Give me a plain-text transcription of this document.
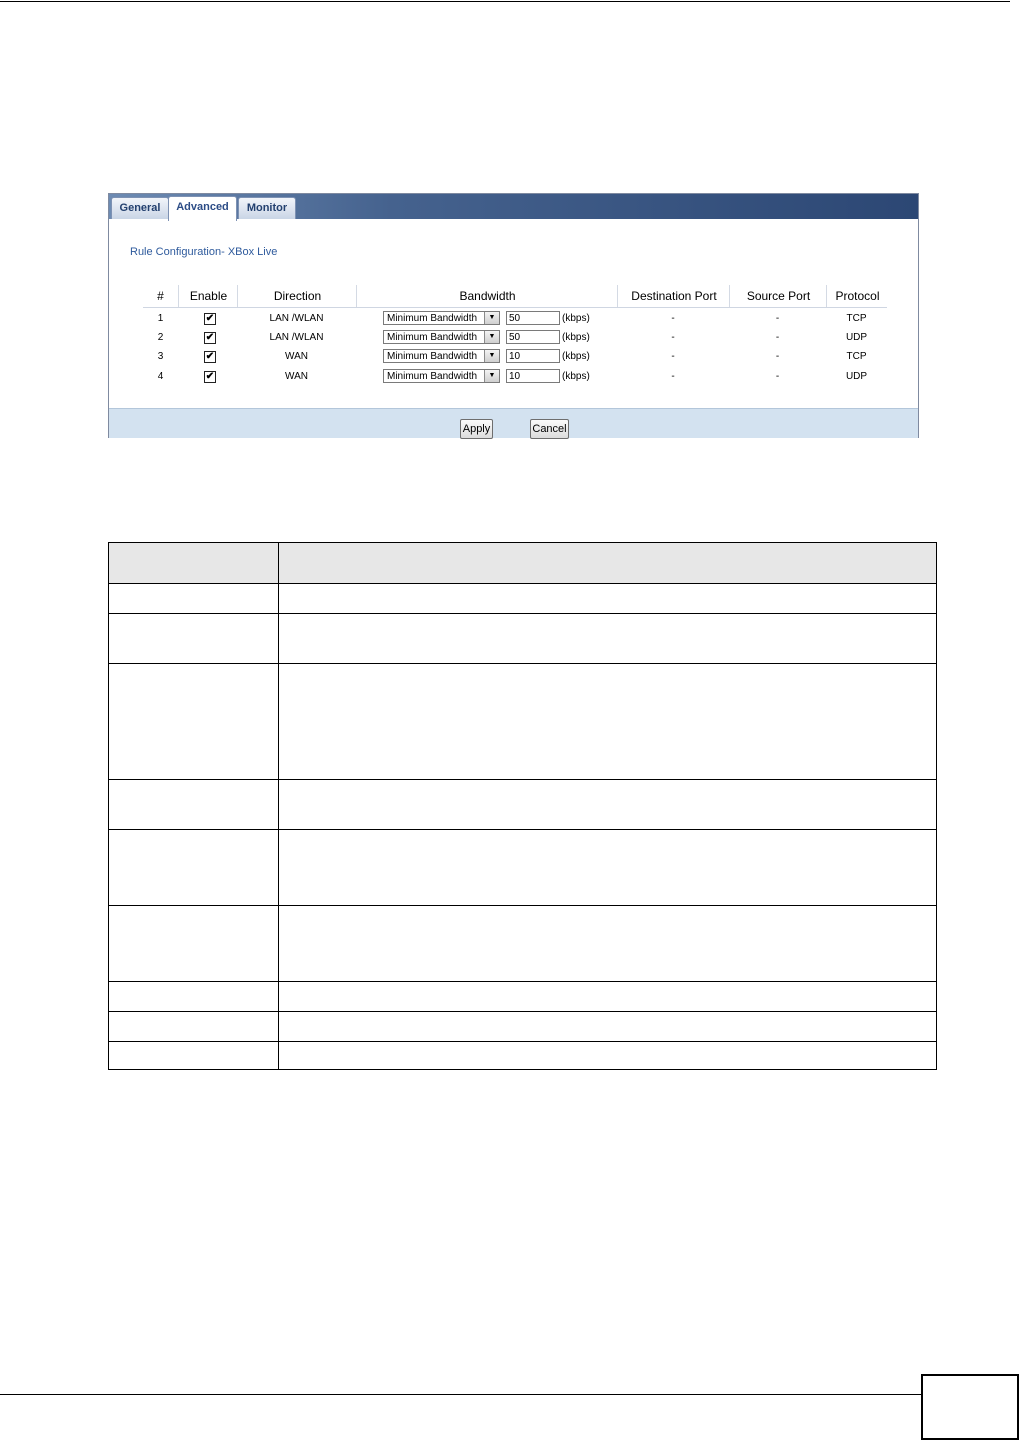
General	Advanced	Monitor
Rule Configuration- XBox Live
#	Enable	Direction	Bandwidth	Destination Port	Source Port	Protocol
1	✔	LAN /WLAN	Minimum Bandwidth	▼	50	(kbps)	-	-	TCP
2	✔	LAN /WLAN	Minimum Bandwidth	▼	50	(kbps)	-	-	UDP
3	✔	WAN	Minimum Bandwidth	▼	10	(kbps)	-	-	TCP
4	✔	WAN	Minimum Bandwidth	▼	10	(kbps)	-	-	UDP
Apply	Cancel
